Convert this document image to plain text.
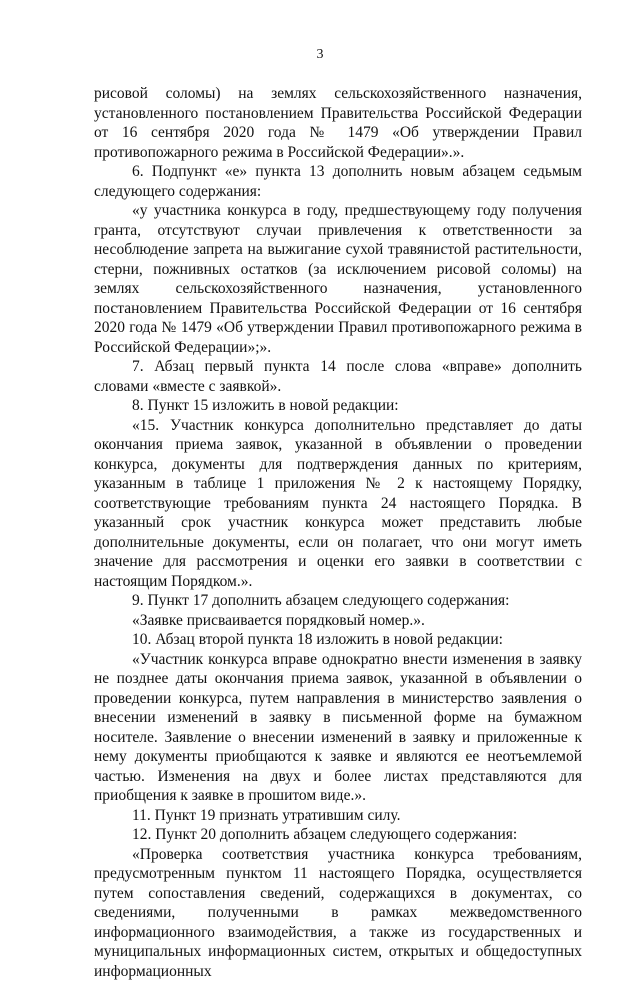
3

рисовой соломы) на землях сельскохозяйственного назначения, установленного постановлением Правительства Российской Федерации от 16 сентября 2020 года № 1479 «Об утверждении Правил противопожарного режима в Российской Федерации».».

6. Подпункт «е» пункта 13 дополнить новым абзацем седьмым следующего содержания:

«у участника конкурса в году, предшествующему году получения гранта, отсутствуют случаи привлечения к ответственности за несоблюдение запрета на выжигание сухой травянистой растительности, стерни, пожнивных остатков (за исключением рисовой соломы) на землях сельскохозяйственного назначения, установленного постановлением Правительства Российской Федерации от 16 сентября 2020 года № 1479 «Об утверждении Правил противопожарного режима в Российской Федерации»;».

7. Абзац первый пункта 14 после слова «вправе» дополнить словами «вместе с заявкой».

8. Пункт 15 изложить в новой редакции:

«15. Участник конкурса дополнительно представляет до даты окончания приема заявок, указанной в объявлении о проведении конкурса, документы для подтверждения данных по критериям, указанным в таблице 1 приложения № 2 к настоящему Порядку, соответствующие требованиям пункта 24 настоящего Порядка. В указанный срок участник конкурса может представить любые дополнительные документы, если он полагает, что они могут иметь значение для рассмотрения и оценки его заявки в соответствии с настоящим Порядком.».

9. Пункт 17 дополнить абзацем следующего содержания:

«Заявке присваивается порядковый номер.».

10. Абзац второй пункта 18 изложить в новой редакции:

«Участник конкурса вправе однократно внести изменения в заявку не позднее даты окончания приема заявок, указанной в объявлении о проведении конкурса, путем направления в министерство заявления о внесении изменений в заявку в письменной форме на бумажном носителе. Заявление о внесении изменений в заявку и приложенные к нему документы приобщаются к заявке и являются ее неотъемлемой частью. Изменения на двух и более листах представляются для приобщения к заявке в прошитом виде.».

11. Пункт 19 признать утратившим силу.

12. Пункт 20 дополнить абзацем следующего содержания:

«Проверка соответствия участника конкурса требованиям, предусмотренным пунктом 11 настоящего Порядка, осуществляется путем сопоставления сведений, содержащихся в документах, со сведениями, полученными в рамках межведомственного информационного взаимодействия, а также из государственных и муниципальных информационных систем, открытых и общедоступных информационных
